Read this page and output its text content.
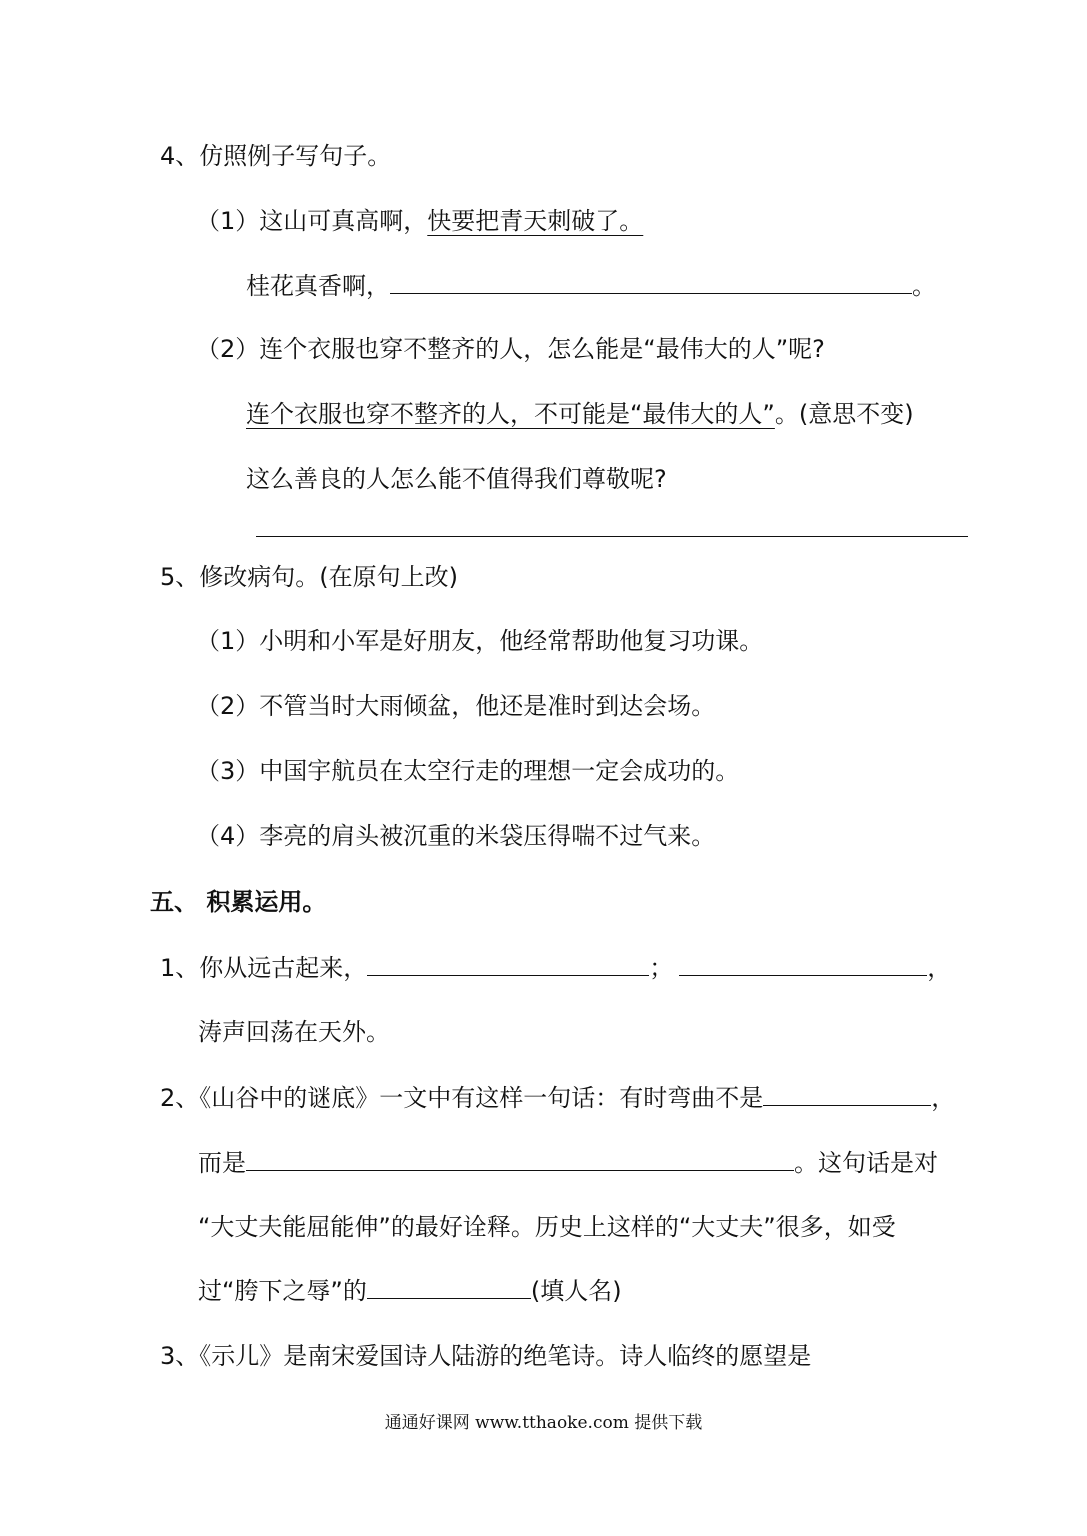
4、仿照例子写句子。
（1）这山可真高啊，快要把青天刺破了。
桂花真香啊，	。
（2）连个衣服也穿不整齐的人，怎么能是“最伟大的人”呢?
连个衣服也穿不整齐的人，不可能是“最伟大的人”。(意思不变)
这么善良的人怎么能不值得我们尊敬呢?
5、修改病句。(在原句上改)
（1）小明和小军是好朋友，他经常帮助他复习功课。
（2）不管当时大雨倾盆，他还是准时到达会场。
（3）中国宇航员在太空行走的理想一定会成功的。
（4）李亮的肩头被沉重的米袋压得喘不过气来。
五、 积累运用。
1、你从远古起来，	；	，
涛声回荡在天外。
2、《山谷中的谜底》一文中有这样一句话：有时弯曲不是	，
而是	。这句话是对
“大丈夫能屈能伸”的最好诠释。历史上这样的“大丈夫”很多，如受
过“胯下之辱”的	(填人名)
3、《示儿》是南宋爱国诗人陆游的绝笔诗。诗人临终的愿望是
通通好课网 www.tthaoke.com 提供下载
